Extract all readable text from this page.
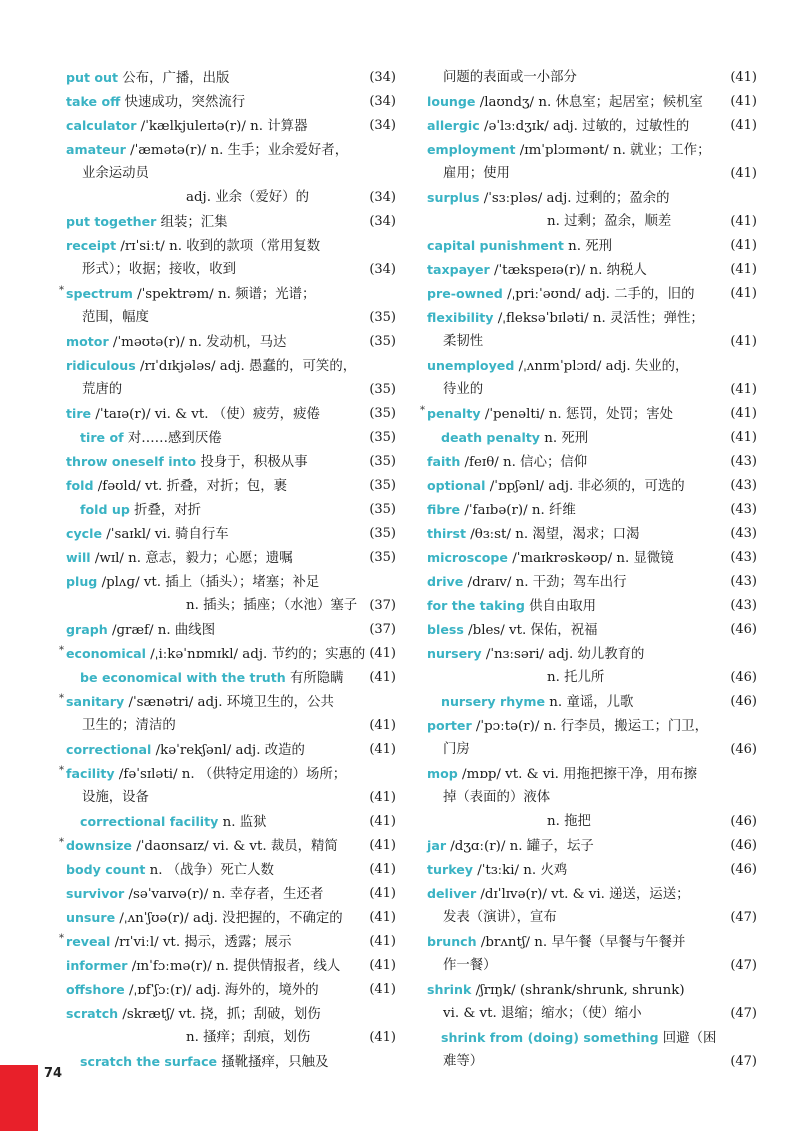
put out 公布，广播，出版	(34)
take off 快速成功，突然流行	(34)
calculator /ˈkælkjuleɪtə(r)/ n. 计算器	(34)
amateur /ˈæmətə(r)/ n. 生手；业余爱好者，
业余运动员
adj. 业余（爱好）的	(34)
put together 组装；汇集	(34)
receipt /rɪˈsiːt/ n. 收到的款项（常用复数
形式）；收据；接收，收到	(34)
* spectrum /ˈspektrəm/ n. 频谱；光谱；
范围，幅度	(35)
motor /ˈməʊtə(r)/ n. 发动机，马达	(35)
ridiculous /rɪˈdɪkjələs/ adj. 愚蠢的，可笑的，
荒唐的	(35)
tire /ˈtaɪə(r)/ vi. & vt. （使）疲劳，疲倦	(35)
tire of 对……感到厌倦	(35)
throw oneself into 投身于，积极从事	(35)
fold /fəʊld/ vt. 折叠，对折；包，裹	(35)
fold up 折叠，对折	(35)
cycle /ˈsaɪkl/ vi. 骑自行车	(35)
will /wɪl/ n. 意志，毅力；心愿；遗嘱	(35)
plug /plʌɡ/ vt. 插上（插头）；堵塞；补足
n. 插头；插座；（水池）塞子 (37)
graph /ɡræf/ n. 曲线图	(37)
* economical /ˌiːkəˈnɒmɪkl/ adj. 节约的；实惠的 (41)
be economical with the truth 有所隐瞒 (41)
* sanitary /ˈsænətri/ adj. 环境卫生的，公共
卫生的；清洁的	(41)
correctional /kəˈrekʃənl/ adj. 改造的	(41)
* facility /fəˈsɪləti/ n. （供特定用途的）场所；
设施，设备	(41)
correctional facility n. 监狱	(41)
* downsize /ˈdaʊnsaɪz/ vi. & vt. 裁员，精简 (41)
body count n. （战争）死亡人数	(41)
survivor /səˈvaɪvə(r)/ n. 幸存者，生还者	(41)
unsure /ˌʌnˈʃʊə(r)/ adj. 没把握的，不确定的 (41)
* reveal /rɪˈviːl/ vt. 揭示，透露；展示	(41)
informer /ɪnˈfɔːmə(r)/ n. 提供情报者，线人 (41)
offshore /ˌɒfˈʃɔː(r)/ adj. 海外的，境外的	(41)
scratch /skrætʃ/ vt. 挠，抓；刮破，划伤
n. 搔痒；刮痕，划伤	(41)
scratch the surface 搔靴搔痒，只触及
问题的表面或一小部分	(41)
lounge /laʊndʒ/ n. 休息室；起居室；候机室 (41)
allergic /əˈlɜːdʒɪk/ adj. 过敏的，过敏性的	(41)
employment /ɪmˈplɔɪmənt/ n. 就业；工作；
雇用；使用	(41)
surplus /ˈsɜːpləs/ adj. 过剩的；盈余的
n. 过剩；盈余，顺差	(41)
capital punishment n. 死刑	(41)
taxpayer /ˈtækspeɪə(r)/ n. 纳税人	(41)
pre-owned /ˌpriːˈəʊnd/ adj. 二手的，旧的	(41)
flexibility /ˌfleksəˈbɪləti/ n. 灵活性；弹性；
柔韧性	(41)
unemployed /ˌʌnɪmˈplɔɪd/ adj. 失业的，
待业的	(41)
* penalty /ˈpenəlti/ n. 惩罚，处罚；害处	(41)
death penalty n. 死刑	(41)
faith /feɪθ/ n. 信心；信仰	(43)
optional /ˈɒpʃənl/ adj. 非必须的，可选的	(43)
fibre /ˈfaɪbə(r)/ n. 纤维	(43)
thirst /θɜːst/ n. 渴望，渴求；口渴	(43)
microscope /ˈmaɪkrəskəʊp/ n. 显微镜	(43)
drive /draɪv/ n. 干劲；驾车出行	(43)
for the taking 供自由取用	(43)
bless /bles/ vt. 保佑，祝福	(46)
nursery /ˈnɜːsəri/ adj. 幼儿教育的
n. 托儿所	(46)
nursery rhyme n. 童谣，儿歌	(46)
porter /ˈpɔːtə(r)/ n. 行李员，搬运工；门卫，
门房	(46)
mop /mɒp/ vt. & vi. 用拖把擦干净，用布擦
掉（表面的）液体
n. 拖把	(46)
jar /dʒɑː(r)/ n. 罐子，坛子	(46)
turkey /ˈtɜːki/ n. 火鸡	(46)
deliver /dɪˈlɪvə(r)/ vt. & vi. 递送，运送；
发表（演讲），宣布	(47)
brunch /brʌntʃ/ n. 早午餐（早餐与午餐并
作一餐）	(47)
shrink /ʃrɪŋk/ (shrank/shrunk, shrunk)
vi. & vt. 退缩；缩水；（使）缩小	(47)
shrink from (doing) something 回避（困
难等）	(47)
74
